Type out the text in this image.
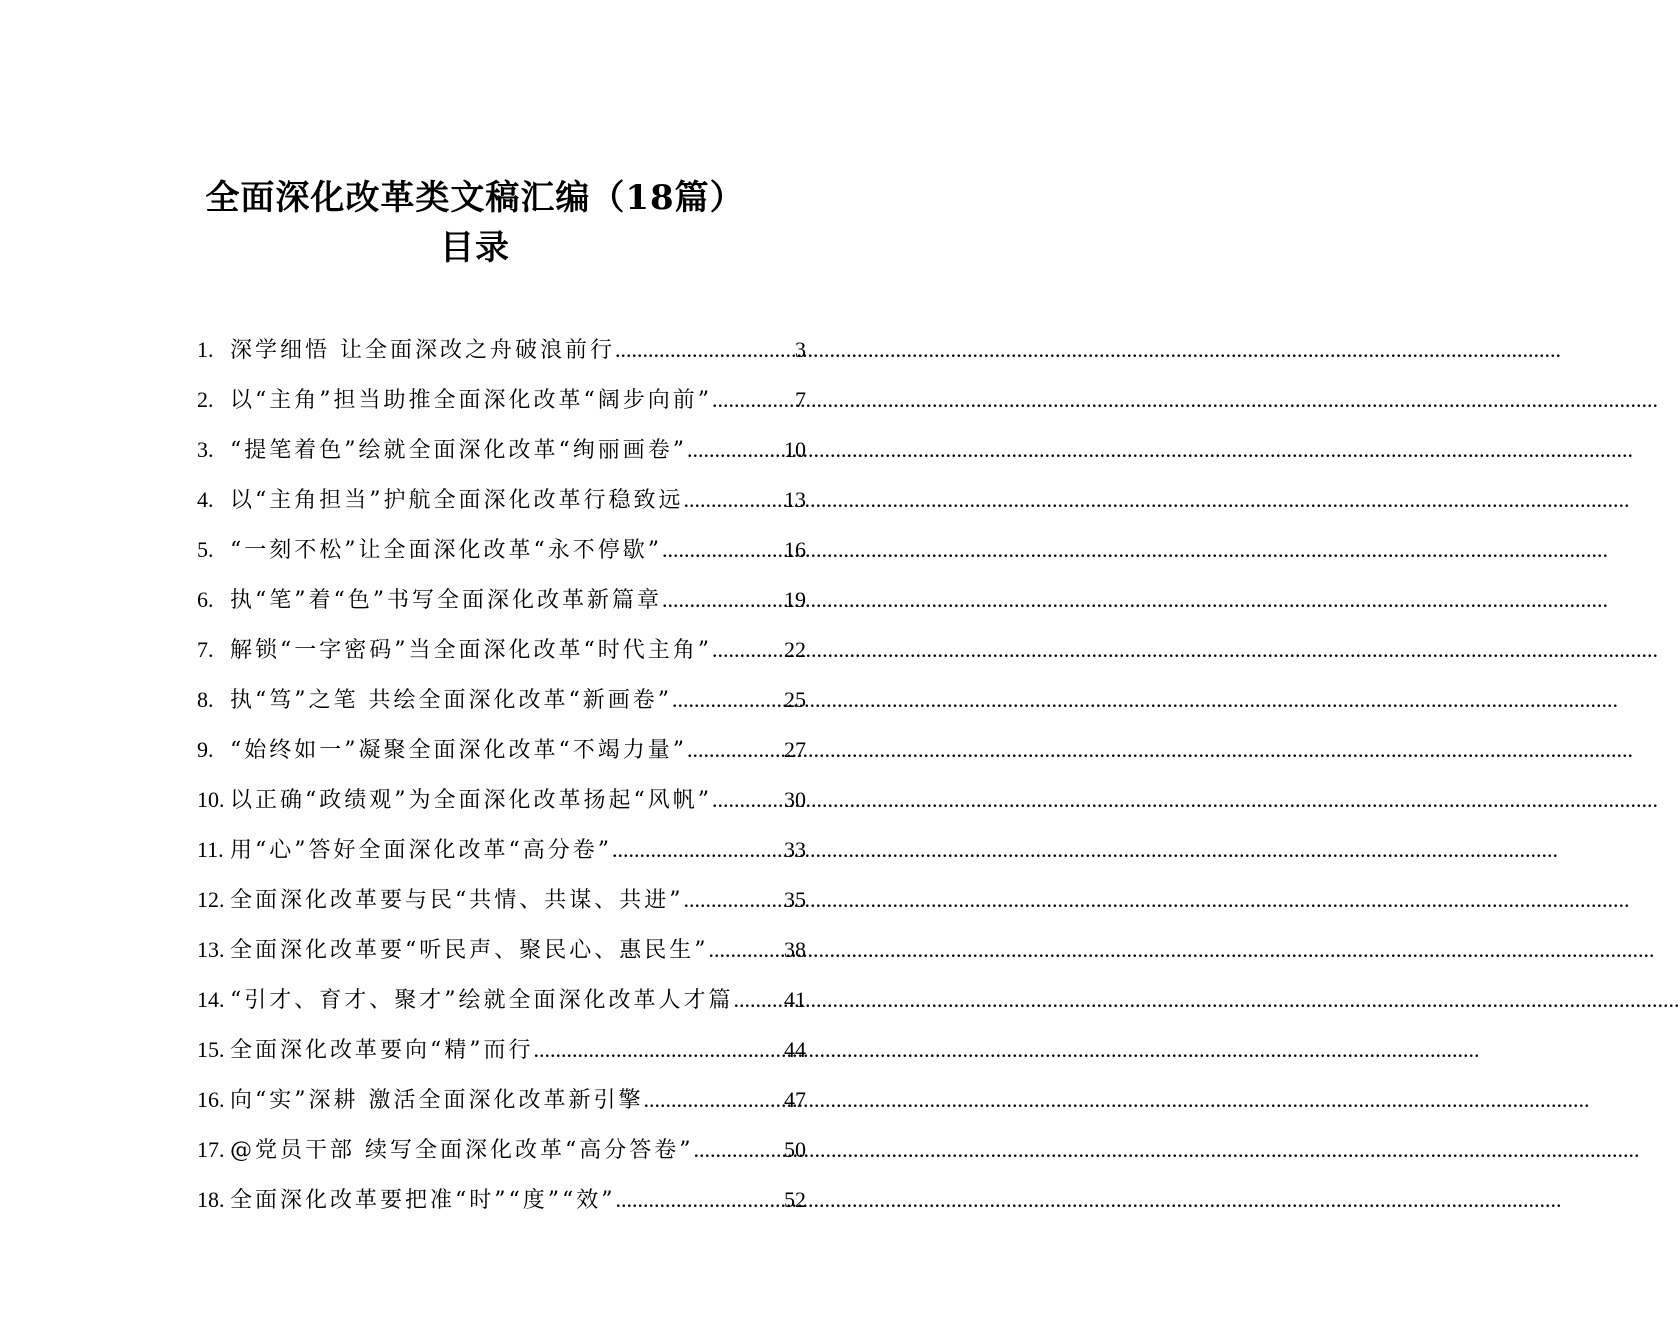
全面深化改革类文稿汇编（18篇）
目录
1. 深学细悟 让全面深改之舟破浪前行 .....	3
2. 以“主角”担当助推全面深化改革“阔步向前” .....	7
3. “提笔着色”绘就全面深化改革“绚丽画卷” .....	10
4. 以“主角担当”护航全面深化改革行稳致远 .....	13
5. “一刻不松”让全面深化改革“永不停歇” .....	16
6. 执“笔”着“色”书写全面深化改革新篇章 .....	19
7. 解锁“一字密码”当全面深化改革“时代主角” .....	22
8. 执“笃”之笔 共绘全面深化改革“新画卷” .....	25
9. “始终如一”凝聚全面深化改革“不竭力量” .....	27
10. 以正确“政绩观”为全面深化改革扬起“风帆” .....	30
11. 用“心”答好全面深化改革“高分卷” .....	33
12. 全面深化改革要与民“共情、共谋、共进” .....	35
13. 全面深化改革要“听民声、聚民心、惠民生” .....	38
14. “引才、育才、聚才”绘就全面深化改革人才篇 ..... 41
15. 全面深化改革要向“精”而行 .....	44
16. 向“实”深耕 激活全面深化改革新引擎 .....	47
17. @党员干部 续写全面深化改革“高分答卷” .....	50
18. 全面深化改革要把准“时”“度”“效” .....	52
